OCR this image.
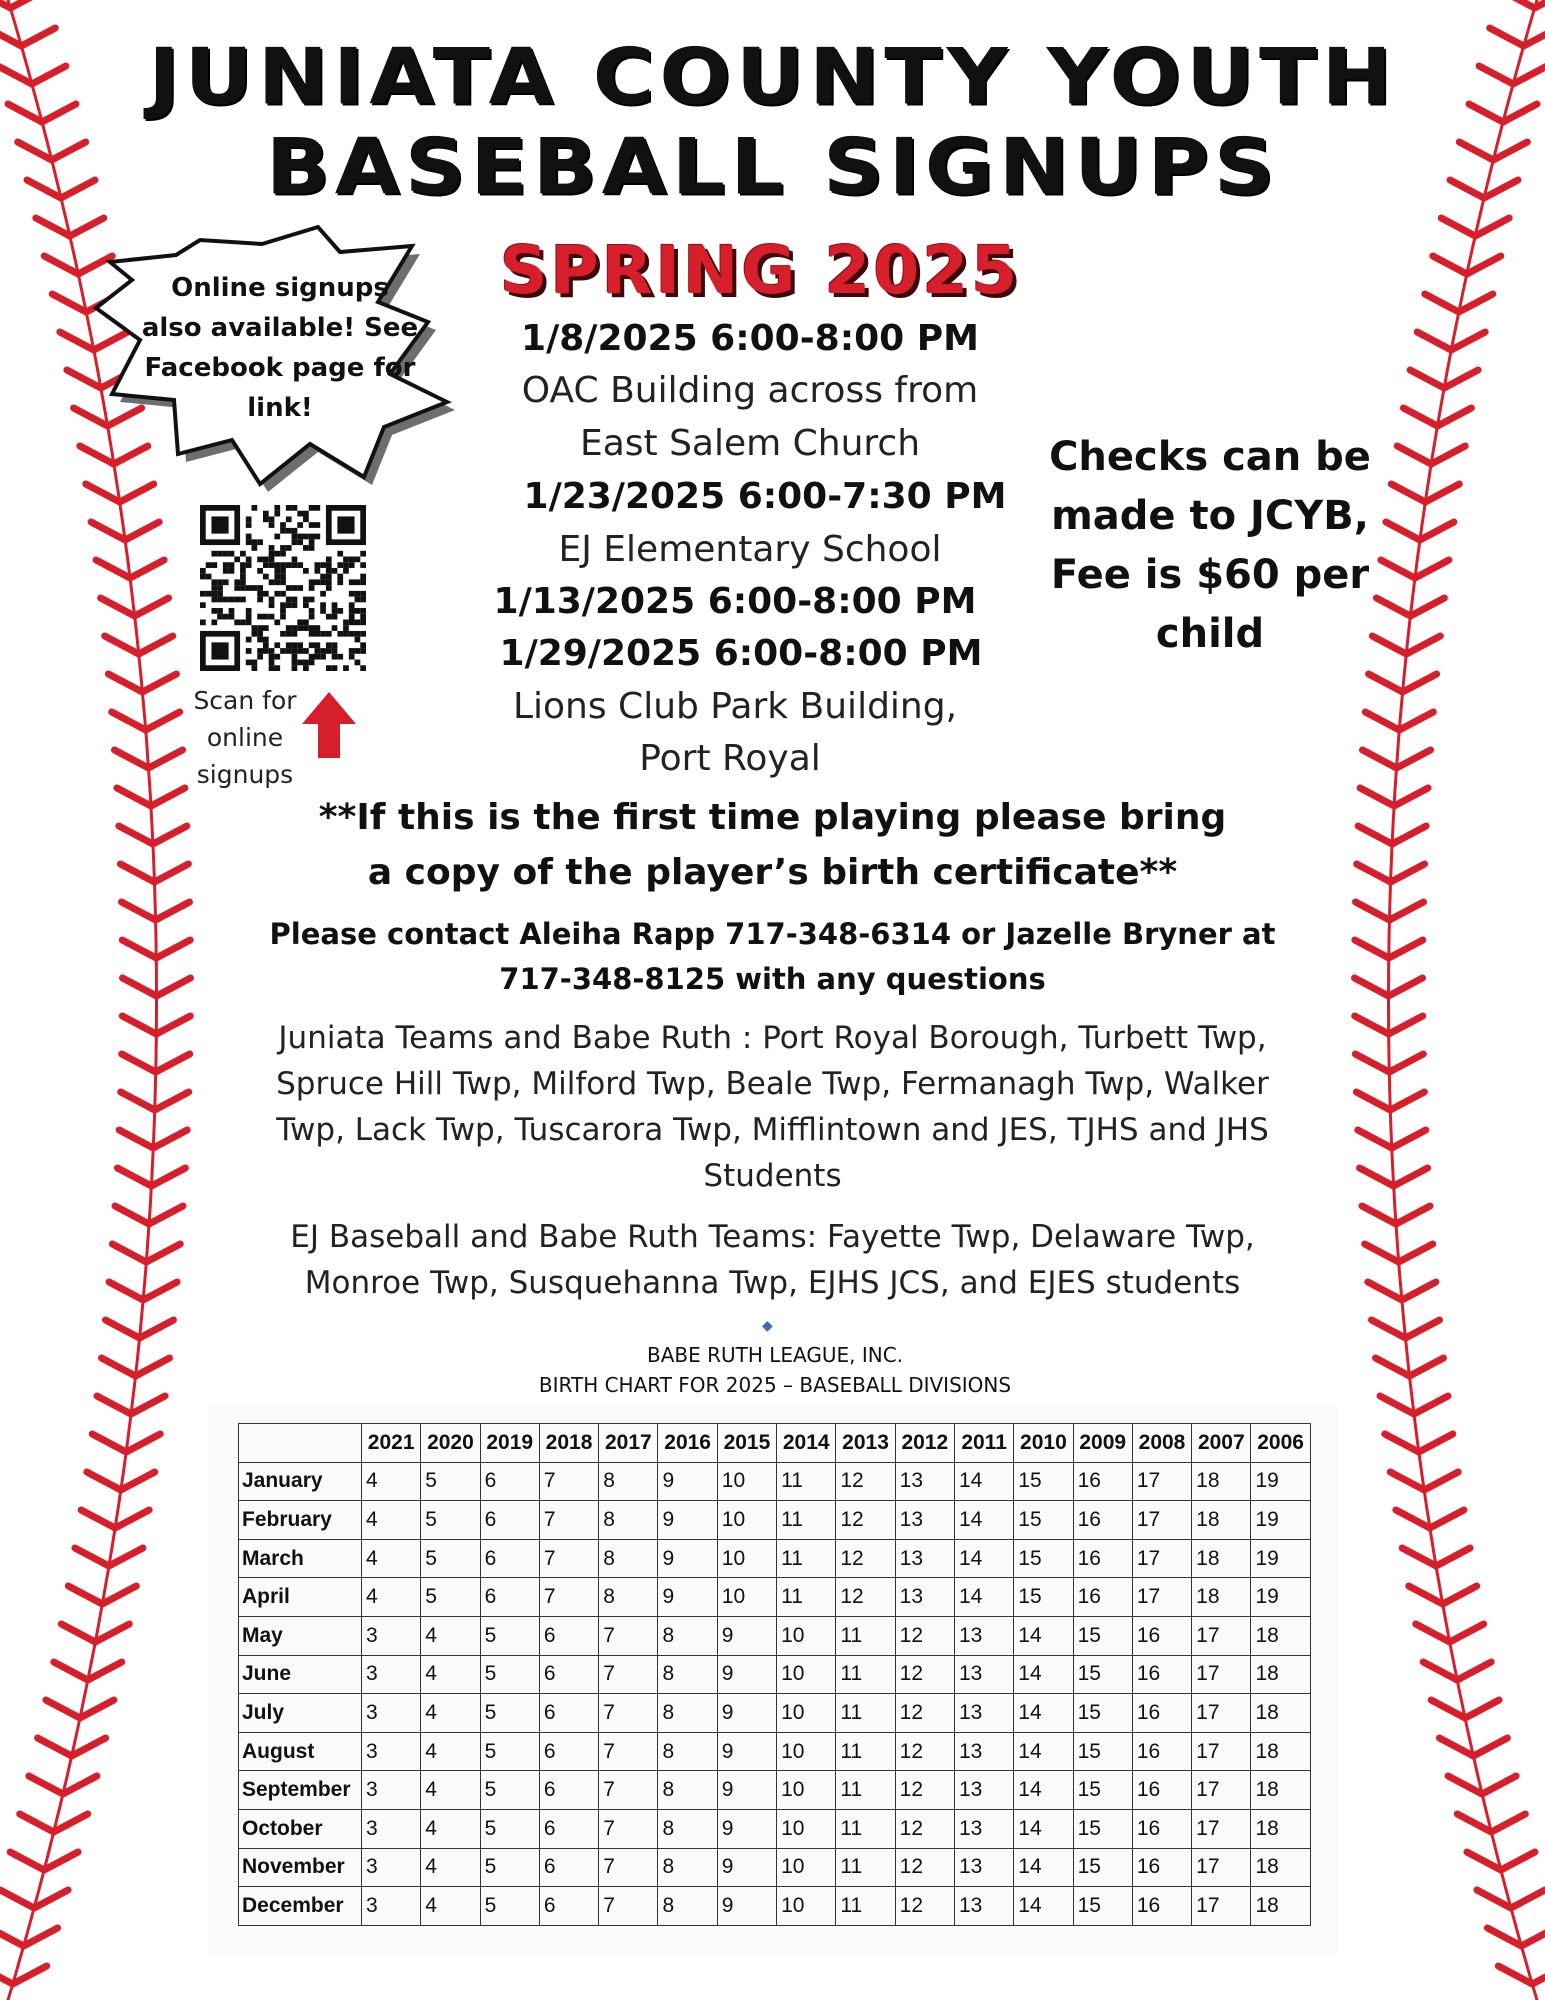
JUNIATA COUNTY YOUTH
BASEBALL SIGNUPS
SPRING 2025
Online signups
also available! See
Facebook page for
link!
Scan for
online
signups
1/8/2025 6:00-8:00 PM
OAC Building across from
East Salem Church
1/23/2025 6:00-7:30 PM
EJ Elementary School
1/13/2025 6:00-8:00 PM
1/29/2025 6:00-8:00 PM
Lions Club Park Building,
Port Royal
Checks can be
made to JCYB,
Fee is $60 per
child
**If this is the first time playing please bring
a copy of the player’s birth certificate**
Please contact Aleiha Rapp 717-348-6314 or Jazelle Bryner at
717-348-8125 with any questions
Juniata Teams and Babe Ruth : Port Royal Borough, Turbett Twp,
Spruce Hill Twp, Milford Twp, Beale Twp, Fermanagh Twp, Walker
Twp, Lack Twp, Tuscarora Twp, Mifflintown and JES, TJHS and JHS
Students
EJ Baseball and Babe Ruth Teams: Fayette Twp, Delaware Twp,
Monroe Twp, Susquehanna Twp, EJHS JCS, and EJES students
◆
BABE RUTH LEAGUE, INC.
BIRTH CHART FOR 2025 – BASEBALL DIVISIONS
	2021	2020	2019	2018	2017	2016	2015	2014	2013	2012	2011	2010	2009	2008	2007	2006
January	4	5	6	7	8	9	10	11	12	13	14	15	16	17	18	19
February	4	5	6	7	8	9	10	11	12	13	14	15	16	17	18	19
March	4	5	6	7	8	9	10	11	12	13	14	15	16	17	18	19
April	4	5	6	7	8	9	10	11	12	13	14	15	16	17	18	19
May	3	4	5	6	7	8	9	10	11	12	13	14	15	16	17	18
June	3	4	5	6	7	8	9	10	11	12	13	14	15	16	17	18
July	3	4	5	6	7	8	9	10	11	12	13	14	15	16	17	18
August	3	4	5	6	7	8	9	10	11	12	13	14	15	16	17	18
September	3	4	5	6	7	8	9	10	11	12	13	14	15	16	17	18
October	3	4	5	6	7	8	9	10	11	12	13	14	15	16	17	18
November	3	4	5	6	7	8	9	10	11	12	13	14	15	16	17	18
December	3	4	5	6	7	8	9	10	11	12	13	14	15	16	17	18
